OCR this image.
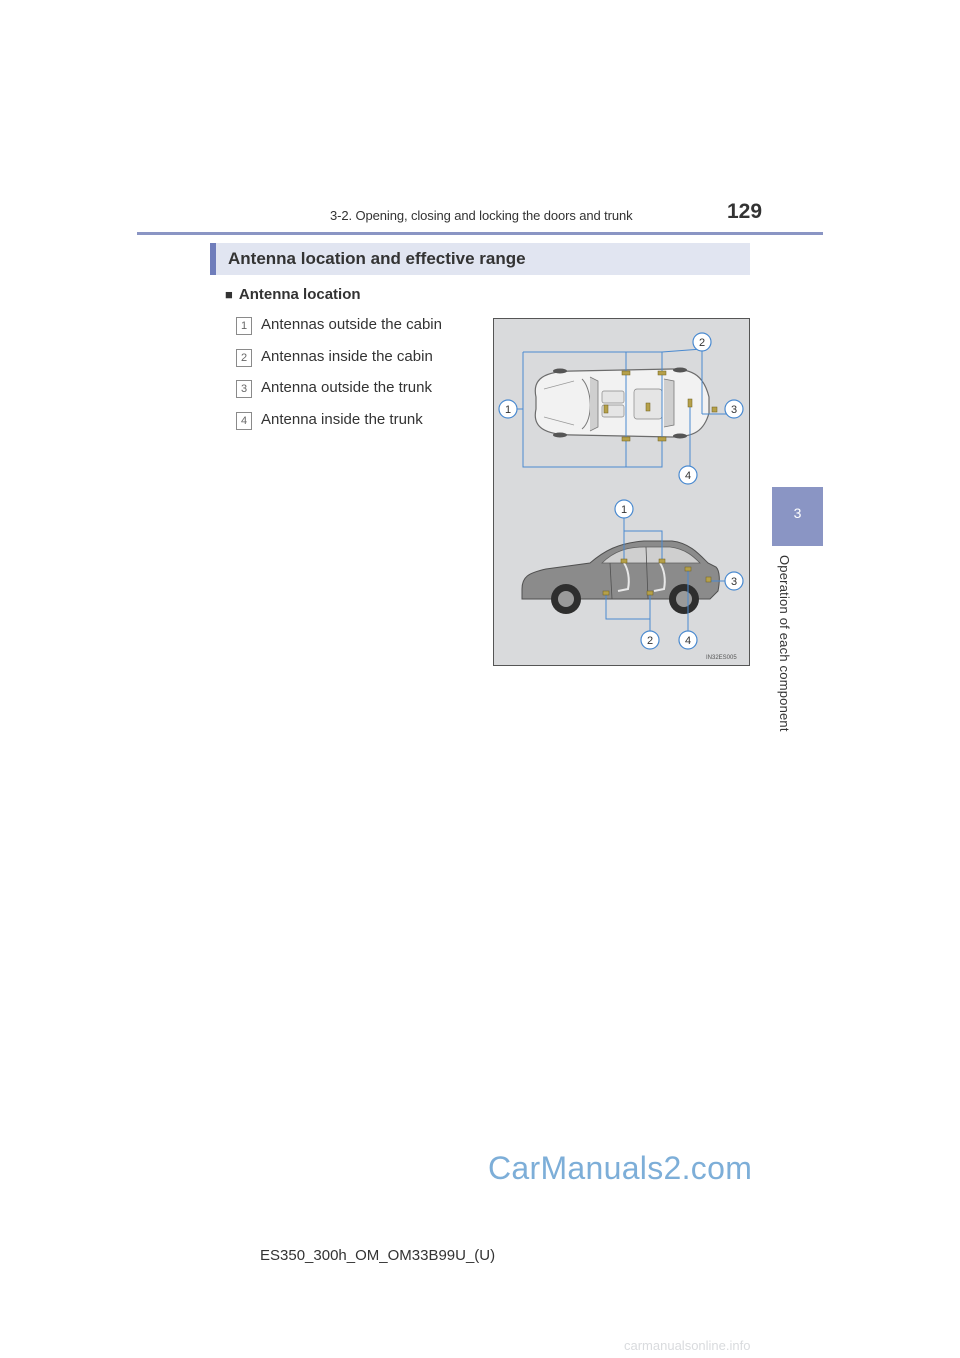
3-2. Opening, closing and locking the doors and trunk	129
3
Operation of each component
Antenna location and effective range
■ Antenna location
1 Antennas outside the cabin
2 Antennas inside the cabin
3 Antenna outside the trunk
4 Antenna inside the trunk
1
2
3
4
1
2
3
4
IN32ES005
CarManuals2.com
ES350_300h_OM_OM33B99U_(U)
carmanualsonline.info
